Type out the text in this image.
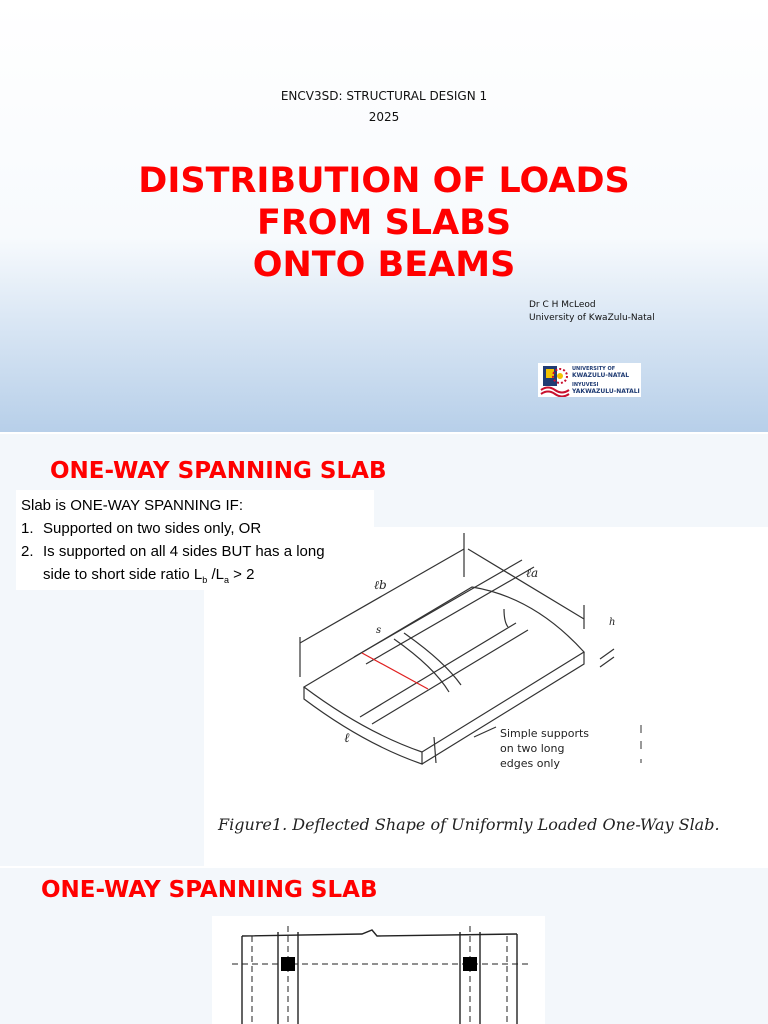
ENCV3SD: STRUCTURAL DESIGN 1
2025
DISTRIBUTION OF LOADS
FROM SLABS
ONTO BEAMS
Dr C H McLeod
University of KwaZulu-Natal
UNIVERSITY OF
KWAZULU-NATAL
INYUVESI
YAKWAZULU-NATALI
ONE-WAY SPANNING SLAB
ℓb
ℓa
s
h
ℓ	Simple supports
on two long
edges only
Figure1. Deflected Shape of Uniformly Loaded One-Way Slab.
Slab is ONE-WAY SPANNING IF:
1. Supported on two sides only, OR
2. Is supported on all 4 sides BUT has a long
side to short side ratio $L_b$ $/L_a > 2$
ONE-WAY SPANNING SLAB
